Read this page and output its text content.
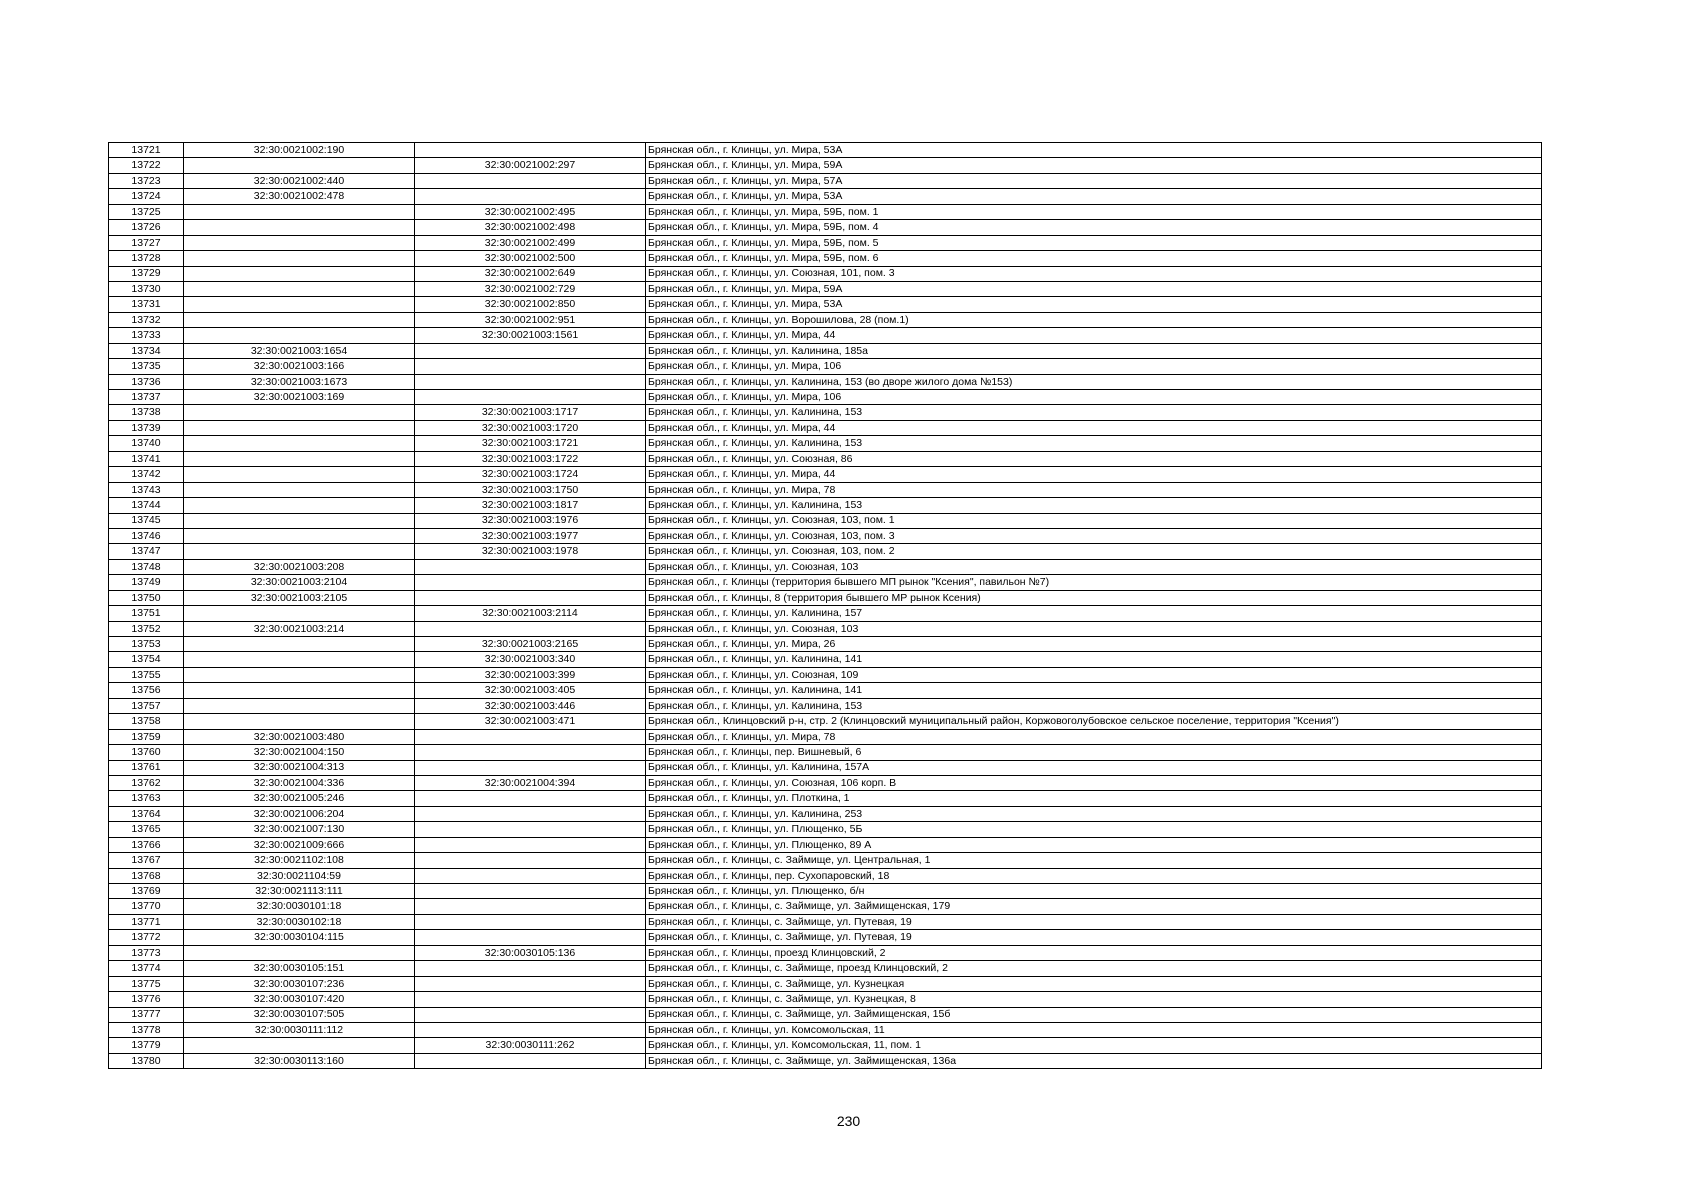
13721	32:30:0021002:190		Брянская обл., г. Клинцы, ул. Мира, 53А
13722		32:30:0021002:297	Брянская обл., г. Клинцы, ул. Мира, 59А
13723	32:30:0021002:440		Брянская обл., г. Клинцы, ул. Мира, 57А
13724	32:30:0021002:478		Брянская обл., г. Клинцы, ул. Мира, 53А
13725		32:30:0021002:495	Брянская обл., г. Клинцы, ул. Мира, 59Б, пом. 1
13726		32:30:0021002:498	Брянская обл., г. Клинцы, ул. Мира, 59Б, пом. 4
13727		32:30:0021002:499	Брянская обл., г. Клинцы, ул. Мира, 59Б, пом. 5
13728		32:30:0021002:500	Брянская обл., г. Клинцы, ул. Мира, 59Б, пом. 6
13729		32:30:0021002:649	Брянская обл., г. Клинцы, ул. Союзная, 101, пом. 3
13730		32:30:0021002:729	Брянская обл., г. Клинцы, ул. Мира, 59А
13731		32:30:0021002:850	Брянская обл., г. Клинцы, ул. Мира, 53А
13732		32:30:0021002:951	Брянская обл., г. Клинцы, ул. Ворошилова, 28 (пом.1)
13733		32:30:0021003:1561	Брянская обл., г. Клинцы, ул. Мира, 44
13734	32:30:0021003:1654		Брянская обл., г. Клинцы, ул. Калинина, 185а
13735	32:30:0021003:166		Брянская обл., г. Клинцы, ул. Мира, 106
13736	32:30:0021003:1673		Брянская обл., г. Клинцы, ул. Калинина, 153 (во дворе жилого дома №153)
13737	32:30:0021003:169		Брянская обл., г. Клинцы, ул. Мира, 106
13738		32:30:0021003:1717	Брянская обл., г. Клинцы, ул. Калинина, 153
13739		32:30:0021003:1720	Брянская обл., г. Клинцы, ул. Мира, 44
13740		32:30:0021003:1721	Брянская обл., г. Клинцы, ул. Калинина, 153
13741		32:30:0021003:1722	Брянская обл., г. Клинцы, ул. Союзная, 86
13742		32:30:0021003:1724	Брянская обл., г. Клинцы, ул. Мира, 44
13743		32:30:0021003:1750	Брянская обл., г. Клинцы, ул. Мира, 78
13744		32:30:0021003:1817	Брянская обл., г. Клинцы, ул. Калинина, 153
13745		32:30:0021003:1976	Брянская обл., г. Клинцы, ул. Союзная, 103, пом. 1
13746		32:30:0021003:1977	Брянская обл., г. Клинцы, ул. Союзная, 103, пом. 3
13747		32:30:0021003:1978	Брянская обл., г. Клинцы, ул. Союзная, 103, пом. 2
13748	32:30:0021003:208		Брянская обл., г. Клинцы, ул. Союзная, 103
13749	32:30:0021003:2104		Брянская обл., г. Клинцы (территория бывшего МП рынок "Ксения", павильон №7)
13750	32:30:0021003:2105		Брянская обл., г. Клинцы, 8 (территория бывшего МР рынок Ксения)
13751		32:30:0021003:2114	Брянская обл., г. Клинцы, ул. Калинина, 157
13752	32:30:0021003:214		Брянская обл., г. Клинцы, ул. Союзная, 103
13753		32:30:0021003:2165	Брянская обл., г. Клинцы, ул. Мира, 26
13754		32:30:0021003:340	Брянская обл., г. Клинцы, ул. Калинина, 141
13755		32:30:0021003:399	Брянская обл., г. Клинцы, ул. Союзная, 109
13756		32:30:0021003:405	Брянская обл., г. Клинцы, ул. Калинина, 141
13757		32:30:0021003:446	Брянская обл., г. Клинцы, ул. Калинина, 153
13758		32:30:0021003:471	Брянская обл., Клинцовский р-н, стр. 2 (Клинцовский муниципальный район, Коржовоголубовское сельское поселение, территория "Ксения")
13759	32:30:0021003:480		Брянская обл., г. Клинцы, ул. Мира, 78
13760	32:30:0021004:150		Брянская обл., г. Клинцы, пер. Вишневый, 6
13761	32:30:0021004:313		Брянская обл., г. Клинцы, ул. Калинина, 157А
13762	32:30:0021004:336	32:30:0021004:394	Брянская обл., г. Клинцы, ул. Союзная, 106 корп. В
13763	32:30:0021005:246		Брянская обл., г. Клинцы, ул. Плоткина, 1
13764	32:30:0021006:204		Брянская обл., г. Клинцы, ул. Калинина, 253
13765	32:30:0021007:130		Брянская обл., г. Клинцы, ул. Плющенко, 5Б
13766	32:30:0021009:666		Брянская обл., г. Клинцы, ул. Плющенко, 89 А
13767	32:30:0021102:108		Брянская обл., г. Клинцы, с. Займище, ул. Центральная, 1
13768	32:30:0021104:59		Брянская обл., г. Клинцы, пер. Сухопаровский, 18
13769	32:30:0021113:111		Брянская обл., г. Клинцы, ул. Плющенко, б/н
13770	32:30:0030101:18		Брянская обл., г. Клинцы, с. Займище, ул. Займищенская, 179
13771	32:30:0030102:18		Брянская обл., г. Клинцы, с. Займище, ул. Путевая, 19
13772	32:30:0030104:115		Брянская обл., г. Клинцы, с. Займище, ул. Путевая, 19
13773		32:30:0030105:136	Брянская обл., г. Клинцы, проезд Клинцовский, 2
13774	32:30:0030105:151		Брянская обл., г. Клинцы, с. Займище, проезд Клинцовский, 2
13775	32:30:0030107:236		Брянская обл., г. Клинцы, с. Займище, ул. Кузнецкая
13776	32:30:0030107:420		Брянская обл., г. Клинцы, с. Займище, ул. Кузнецкая, 8
13777	32:30:0030107:505		Брянская обл., г. Клинцы, с. Займище, ул. Займищенская, 15б
13778	32:30:0030111:112		Брянская обл., г. Клинцы, ул. Комсомольская, 11
13779		32:30:0030111:262	Брянская обл., г. Клинцы, ул. Комсомольская, 11, пом. 1
13780	32:30:0030113:160		Брянская обл., г. Клинцы, с. Займище, ул. Займищенская, 136а
230
